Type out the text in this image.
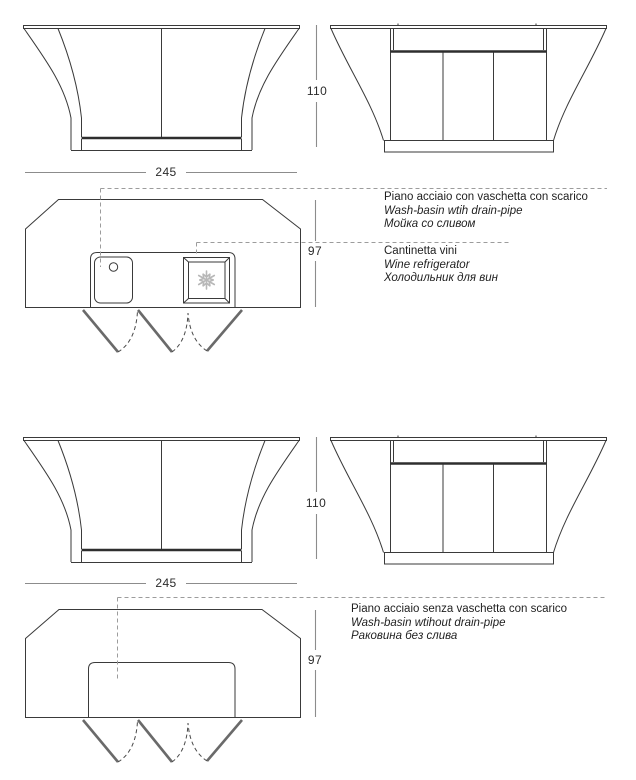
110
245
97
110
245
97
Piano acciaio con vaschetta con scarico
Wash-basin wtih drain-pipe
Мойка со сливом
Cantinetta vini
Wine refrigerator
Холодильник для вин
Piano acciaio senza vaschetta con scarico
Wash-basin wtihout drain-pipe
Раковина без слива
